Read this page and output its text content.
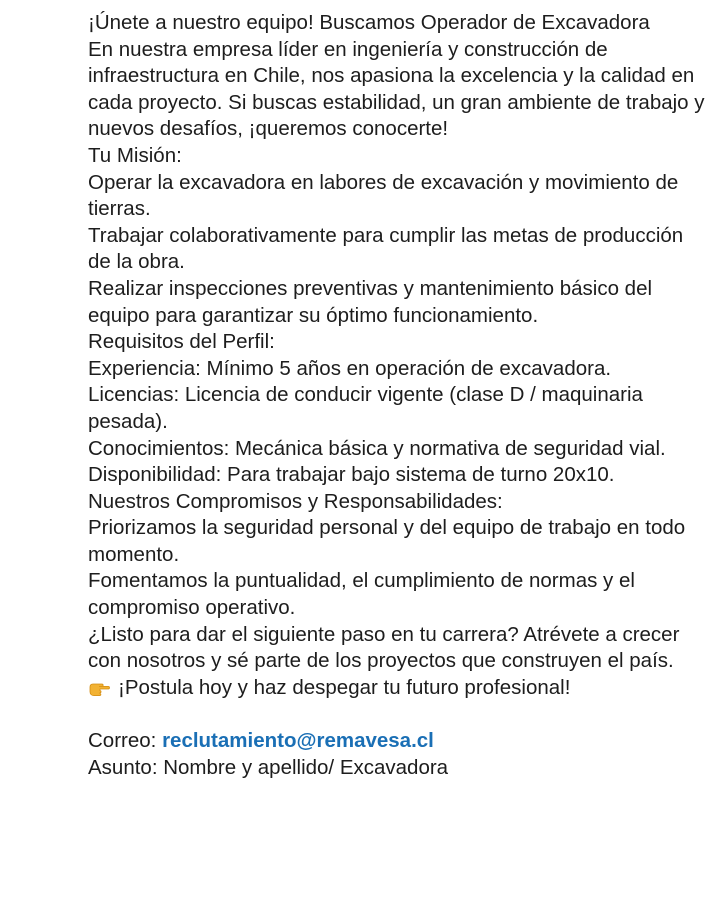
¡Únete a nuestro equipo! Buscamos Operador de Excavadora

En nuestra empresa líder en ingeniería y construcción de infraestructura en Chile, nos apasiona la excelencia y la calidad en cada proyecto. Si buscas estabilidad, un gran ambiente de trabajo y nuevos desafíos, ¡queremos conocerte!

Tu Misión:

Operar la excavadora en labores de excavación y movimiento de tierras.

Trabajar colaborativamente para cumplir las metas de producción de la obra.

Realizar inspecciones preventivas y mantenimiento básico del equipo para garantizar su óptimo funcionamiento.

Requisitos del Perfil:

Experiencia: Mínimo 5 años en operación de excavadora.

Licencias: Licencia de conducir vigente (clase D / maquinaria pesada).

Conocimientos: Mecánica básica y normativa de seguridad vial.

Disponibilidad: Para trabajar bajo sistema de turno 20x10.

Nuestros Compromisos y Responsabilidades:

Priorizamos la seguridad personal y del equipo de trabajo en todo momento.

Fomentamos la puntualidad, el cumplimiento de normas y el compromiso operativo.

¿Listo para dar el siguiente paso en tu carrera? Atrévete a crecer con nosotros y sé parte de los proyectos que construyen el país.

¡Postula hoy y haz despegar tu futuro profesional!

Correo: reclutamiento@remavesa.cl

Asunto: Nombre y apellido/ Excavadora
